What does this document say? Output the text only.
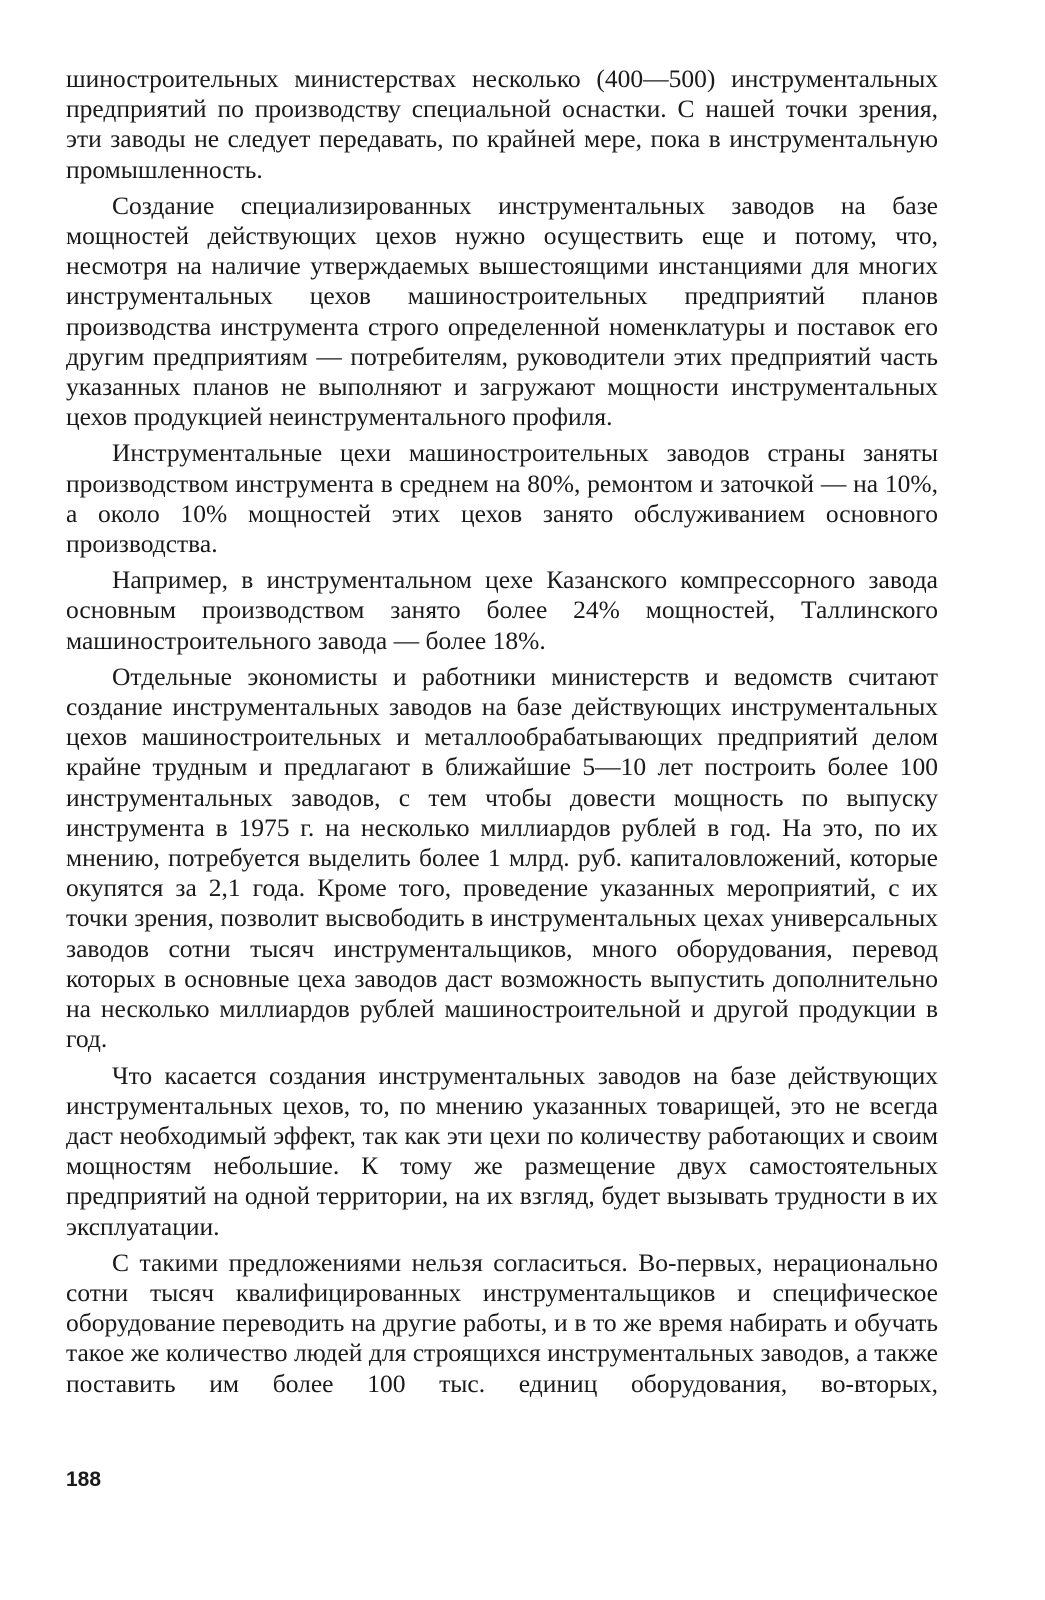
шиностроительных министерствах несколько (400—500) инструментальных предприятий по производству специальной оснастки. С нашей точки зрения, эти заводы не следует передавать, по крайней мере, пока в инструментальную промышленность.

Создание специализированных инструментальных заводов на базе мощностей действующих цехов нужно осуществить еще и потому, что, несмотря на наличие утверждаемых вышестоящими инстанциями для многих инструментальных цехов машиностроительных предприятий планов производства инструмента строго определенной номенклатуры и поставок его другим предприятиям — потребителям, руководители этих предприятий часть указанных планов не выполняют и загружают мощности инструментальных цехов продукцией неинструментального профиля.

Инструментальные цехи машиностроительных заводов страны заняты производством инструмента в среднем на 80%, ремонтом и заточкой — на 10%, а около 10% мощностей этих цехов занято обслуживанием основного производства.

Например, в инструментальном цехе Казанского компрессорного завода основным производством занято более 24% мощностей, Таллинского машиностроительного завода — более 18%.

Отдельные экономисты и работники министерств и ведомств считают создание инструментальных заводов на базе действующих инструментальных цехов машиностроительных и металлообрабатывающих предприятий делом крайне трудным и предлагают в ближайшие 5—10 лет построить более 100 инструментальных заводов, с тем чтобы довести мощность по выпуску инструмента в 1975 г. на несколько миллиардов рублей в год. На это, по их мнению, потребуется выделить более 1 млрд. руб. капиталовложений, которые окупятся за 2,1 года. Кроме того, проведение указанных мероприятий, с их точки зрения, позволит высвободить в инструментальных цехах универсальных заводов сотни тысяч инструментальщиков, много оборудования, перевод которых в основные цеха заводов даст возможность выпустить дополнительно на несколько миллиардов рублей машиностроительной и другой продукции в год.

Что касается создания инструментальных заводов на базе действующих инструментальных цехов, то, по мнению указанных товарищей, это не всегда даст необходимый эффект, так как эти цехи по количеству работающих и своим мощностям небольшие. К тому же размещение двух самостоятельных предприятий на одной территории, на их взгляд, будет вызывать трудности в их эксплуатации.

С такими предложениями нельзя согласиться. Во-первых, нерационально сотни тысяч квалифицированных инструментальщиков и специфическое оборудование переводить на другие работы, и в то же время набирать и обучать такое же количество людей для строящихся инструментальных заводов, а также поставить им более 100 тыс. единиц оборудования, во-вторых,

188
